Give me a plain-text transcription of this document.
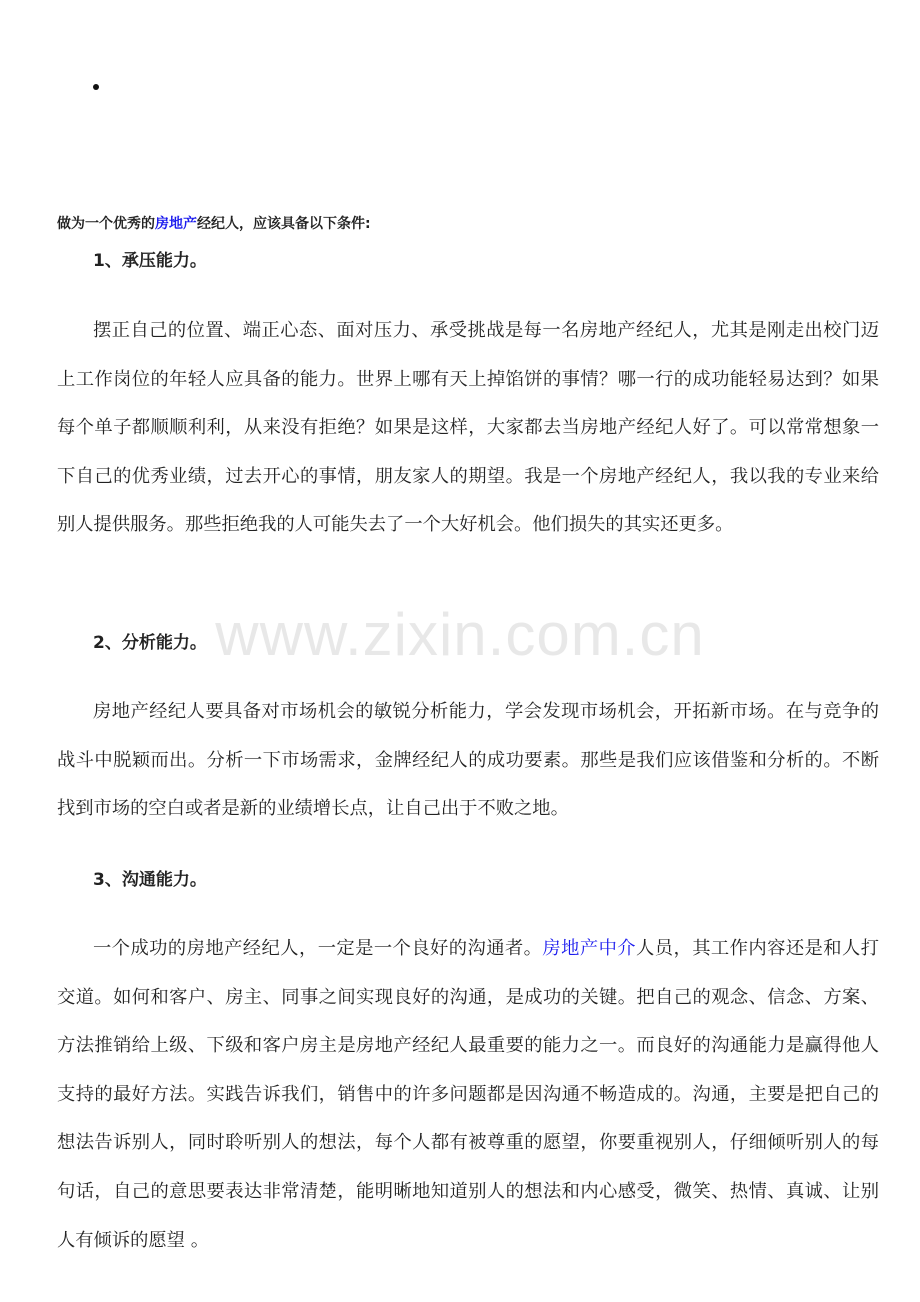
做为一个优秀的房地产经纪人，应该具备以下条件:
1、承压能力。

摆正自己的位置、端正心态、面对压力、承受挑战是每一名房地产经纪人，尤其是刚走出校门迈上工作岗位的年轻人应具备的能力。世界上哪有天上掉馅饼的事情？哪一行的成功能轻易达到？如果每个单子都顺顺利利，从来没有拒绝？如果是这样，大家都去当房地产经纪人好了。可以常常想象一下自己的优秀业绩，过去开心的事情，朋友家人的期望。我是一个房地产经纪人，我以我的专业来给别人提供服务。那些拒绝我的人可能失去了一个大好机会。他们损失的其实还更多。

2、分析能力。

房地产经纪人要具备对市场机会的敏锐分析能力，学会发现市场机会，开拓新市场。在与竞争的战斗中脱颖而出。分析一下市场需求，金牌经纪人的成功要素。那些是我们应该借鉴和分析的。不断找到市场的空白或者是新的业绩增长点，让自己出于不败之地。

3、沟通能力。

一个成功的房地产经纪人，一定是一个良好的沟通者。房地产中介人员，其工作内容还是和人打交道。如何和客户、房主、同事之间实现良好的沟通，是成功的关键。把自己的观念、信念、方案、方法推销给上级、下级和客户房主是房地产经纪人最重要的能力之一。而良好的沟通能力是赢得他人支持的最好方法。实践告诉我们，销售中的许多问题都是因沟通不畅造成的。沟通，主要是把自己的想法告诉别人，同时聆听别人的想法，每个人都有被尊重的愿望，你要重视别人，仔细倾听别人的每句话，自己的意思要表达非常清楚，能明晰地知道别人的想法和内心感受，微笑、热情、真诚、让别人有倾诉的愿望 。

www.zixin.com.cn
